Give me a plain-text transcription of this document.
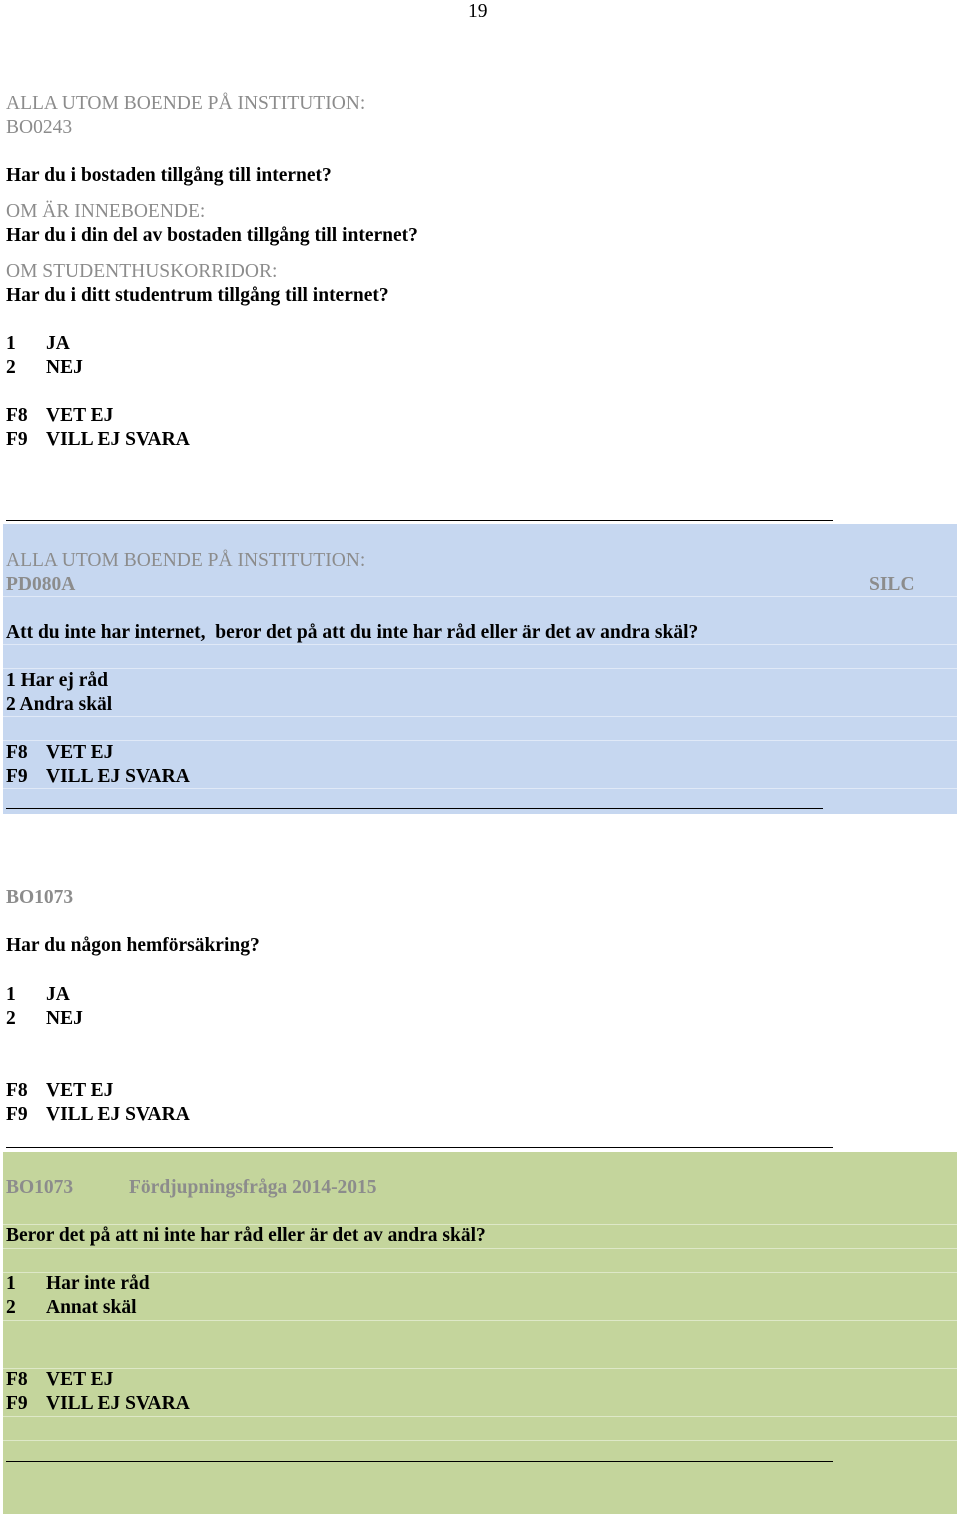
19
ALLA UTOM BOENDE PÅ INSTITUTION:
BO0243
Har du i bostaden tillgång till internet?
OM ÄR INNEBOENDE:
Har du i din del av bostaden tillgång till internet?
OM STUDENTHUSKORRIDOR:
Har du i ditt studentrum tillgång till internet?
1 JA
2 NEJ
F8 VET EJ
F9 VILL EJ SVARA
ALLA UTOM BOENDE PÅ INSTITUTION:
PD080A	SILC
Att du inte har internet,  beror det på att du inte har råd eller är det av andra skäl?
1 Har ej råd
2 Andra skäl
F8 VET EJ
F9 VILL EJ SVARA
BO1073
Har du någon hemförsäkring?
1 JA
2 NEJ
F8 VET EJ
F9 VILL EJ SVARA
BO1073	Fördjupningsfråga 2014-2015
Beror det på att ni inte har råd eller är det av andra skäl?
1 Har inte råd
2 Annat skäl
F8 VET EJ
F9 VILL EJ SVARA
